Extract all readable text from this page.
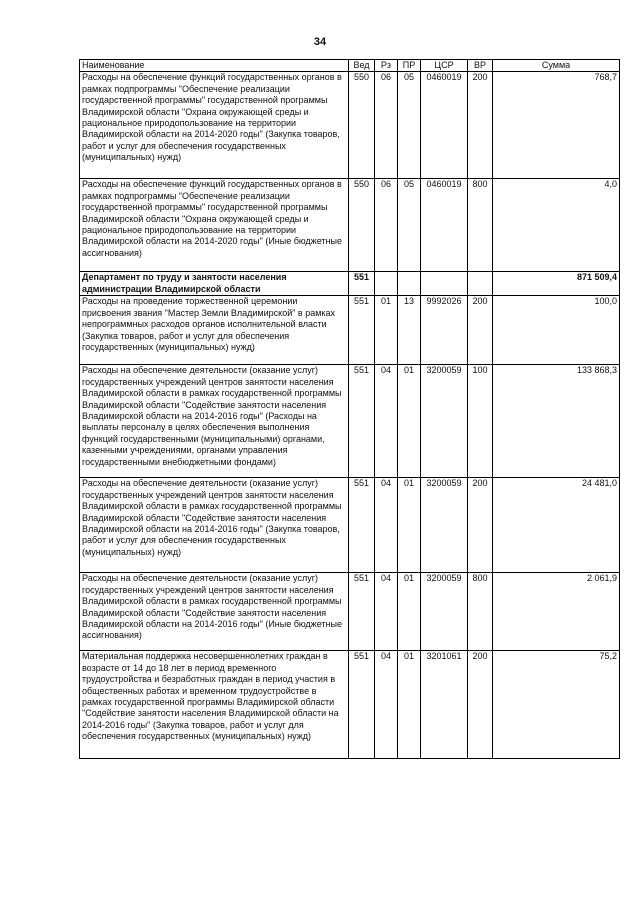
34
Наименование	Вед	Рз	ПР	ЦСР	ВР	Сумма
Расходы на обеспечение функций государственных органов в рамках подпрограммы "Обеспечение реализации государственной программы" государственной программы Владимирской области "Охрана окружающей среды и рациональное природопользование на территории Владимирской области на 2014-2020 годы" (Закупка товаров, работ и услуг для обеспечения государственных (муниципальных) нужд)	550	06	05	0460019	200	768,7
Расходы на обеспечение функций государственных органов в рамках подпрограммы "Обеспечение реализации государственной программы" государственной программы Владимирской области "Охрана окружающей среды и рациональное природопользование на территории Владимирской области на 2014-2020 годы" (Иные бюджетные ассигнования)	550	06	05	0460019	800	4,0
Департамент по труду и занятости населения администрации Владимирской области	551					871 509,4
Расходы на проведение торжественной церемонии присвоения звания "Мастер Земли Владимирской" в рамках непрограммных расходов органов исполнительной власти (Закупка товаров, работ и услуг для обеспечения государственных (муниципальных) нужд)	551	01	13	9992026	200	100,0
Расходы на обеспечение деятельности (оказание услуг) государственных учреждений центров занятости населения Владимирской области в рамках государственной программы Владимирской области "Содействие занятости населения Владимирской области на 2014-2016 годы" (Расходы на выплаты персоналу в целях обеспечения выполнения функций государственными (муниципальными) органами, казенными учреждениями, органами управления государственными внебюджетными фондами)	551	04	01	3200059	100	133 868,3
Расходы на обеспечение деятельности (оказание услуг) государственных учреждений центров занятости населения Владимирской области в рамках государственной программы Владимирской области "Содействие занятости населения Владимирской области на 2014-2016 годы" (Закупка товаров, работ и услуг для обеспечения государственных (муниципальных) нужд)	551	04	01	3200059	200	24 481,0
Расходы на обеспечение деятельности (оказание услуг) государственных учреждений центров занятости населения Владимирской области в рамках государственной программы Владимирской области "Содействие занятости населения Владимирской области на 2014-2016 годы" (Иные бюджетные ассигнования)	551	04	01	3200059	800	2 061,9
Материальная поддержка несовершеннолетних граждан в возрасте от 14 до 18 лет в период временного трудоустройства и безработных граждан в период участия в общественных работах и временном трудоустройстве в рамках государственной программы Владимирской области "Содействие занятости населения Владимирской области на 2014-2016 годы" (Закупка товаров, работ и услуг для обеспечения государственных (муниципальных) нужд)	551	04	01	3201061	200	75,2
